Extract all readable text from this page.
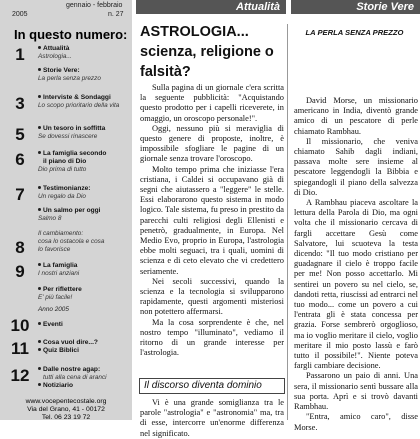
gennaio - febbraio
2005	n. 27
In questo numero:
1	Attualità
Astrologia...
Storie Vere:
La perla senza prezzo
3	Interviste & Sondaggi
Lo scopo prioritario della vita
5	Un tesoro in soffitta
Se dovessi rinascere
6	La famiglia secondo
il piano di Dio
Dio prima di tutto
7	Testimonianze:
Un regalo da Dio
Un salmo per oggi
Salmo 8
8
Il cambiamento:
cosa lo ostacola e cosa
lo favorisce
9	La famiglia
I nostri anziani
Per riflettere
E' più facile!
Anno 2005
10	Eventi
11	Cosa vuol dire...?
Quiz Biblici
12	Dalle nostre agap:
tutti alla cena di aranci
Notiziario
www.vocepentecostale.org
Via del Grano, 41 - 00172
Tel. 06 23 19 72
Attualità
ASTROLOGIA... scienza, religione o falsità?

Sulla pagina di un giornale c'era scritta la seguente pubblicità: "Acquistando questo prodotto per i capelli riceverete, in omaggio, un oroscopo personale!".

Oggi, nessuno più si meraviglia di questo genere di proposte, inoltre, è impossibile sfogliare le pagine di un giornale senza trovare l'oroscopo.

Molto tempo prima che iniziasse l'era cristiana, i Caldei si occupavano già di segni che aiutassero a "leggere" le stelle. Essi elaborarono questo sistema in modo logico. Tale sistema, fu preso in prestito da parecchi culti religiosi degli Ellenisti e penetrò, gradualmente, in Europa. Nel Medio Evo, proprio in Europa, l'astrologia ebbe molti seguaci, tra i quali, uomini di scienza e di ceto elevato che vi credettero seriamente.

Nei secoli successivi, quando la scienza e la tecnologia si svilupparono rapidamente, questi argomenti misteriosi non potettero affermarsi.

Ma la cosa sorprendente è che, nel nostro tempo "illuminato", vediamo il ritorno di un grande interesse per l'astrologia.

Il discorso diventa dominio

Vi è una grande somiglianza tra le parole "astrologia" e "astronomia" ma, tra di esse, intercorre un'enorme differenza nel significato.

Storie Vere
LA PERLA SENZA PREZZO

David Morse, un missionario americano in India, diventò grande amico di un pescatore di perle chiamato Rambhau.

Il missionario, che veniva chiamato Sahib dagli indiani, passava molte sere insieme al pescatore leggendogli la Bibbia e spiegandogli il piano della salvezza di Dio.

A Rambhau piaceva ascoltare la lettura della Parola di Dio, ma ogni volta che il missionario cercava di fargli accettare Gesù come Salvatore, lui scuoteva la testa dicendo: "Il tuo modo cristiano per guadagnare il cielo è troppo facile per me! Non posso accettarlo. Mi sentirei un povero su nel cielo, se, dandoti retta, riuscissi ad entrarci nel tuo modo... come un povero a cui l'entrata gli è stata concessa per grazia. Forse sembrerò orgoglioso, ma io voglio meritare il cielo, voglio meritare il mio posto lassù e farò tutto il possibile!". Niente poteva fargli cambiare decisione.

Passarono un paio di anni. Una sera, il missionario sentì bussare alla sua porta. Aprì e si trovò davanti Rambhau.

"Entra, amico caro", disse Morse.
